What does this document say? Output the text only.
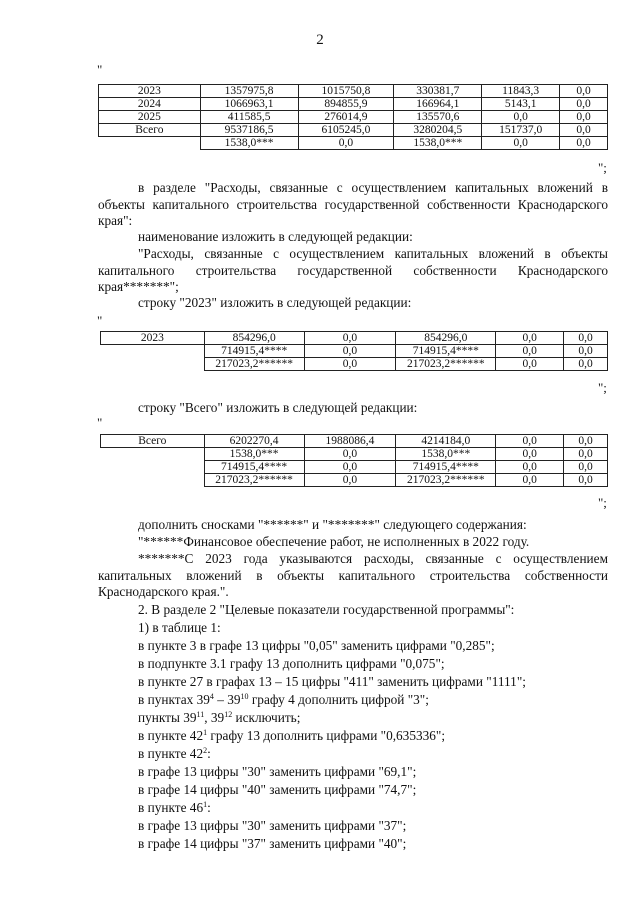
2
"
2023	1357975,8	1015750,8	330381,7	11843,3	0,0
2024	1066963,1	894855,9	166964,1	5143,1	0,0
2025	411585,5	276014,9	135570,6	0,0	0,0
Всего	9537186,5	6105245,0	3280204,5	151737,0	0,0
	1538,0***	0,0	1538,0***	0,0	0,0
";
в разделе "Расходы, связанные с осуществлением капитальных вложений в объекты капитального строительства государственной собственности Краснодарского края":
наименование изложить в следующей редакции:
"Расходы, связанные с осуществлением капитальных вложений в объекты капитального строительства государственной собственности Краснодарского края*******";
строку "2023" изложить в следующей редакции:
"
2023	854296,0	0,0	854296,0	0,0	0,0
	714915,4****	0,0	714915,4****	0,0	0,0
	217023,2******	0,0	217023,2******	0,0	0,0
";
строку "Всего" изложить в следующей редакции:
"
Всего	6202270,4	1988086,4	4214184,0	0,0	0,0
	1538,0***	0,0	1538,0***	0,0	0,0
	714915,4****	0,0	714915,4****	0,0	0,0
	217023,2******	0,0	217023,2******	0,0	0,0
";
дополнить сносками "******" и "*******" следующего содержания:
"******Финансовое обеспечение работ, не исполненных в 2022 году.
*******С 2023 года указываются расходы, связанные с осуществлением капитальных вложений в объекты капитального строительства собственности Краснодарского края.".
2. В разделе 2 "Целевые показатели государственной программы":
1) в таблице 1:
в пункте 3 в графе 13 цифры "0,05" заменить цифрами "0,285";
в подпункте 3.1 графу 13 дополнить цифрами "0,075";
в пункте 27 в графах 13 – 15 цифры "411" заменить цифрами "1111";
в пунктах $39^4 - 39^{10}$ графу 4 дополнить цифрой "3";
пункты $39^{11}$, $39^{12}$ исключить;
в пункте $42^1$ графу 13 дополнить цифрами "0,635336";
в пункте $42^2$:
в графе 13 цифры "30" заменить цифрами "69,1";
в графе 14 цифры "40" заменить цифрами "74,7";
в пункте $46^1$:
в графе 13 цифры "30" заменить цифрами "37";
в графе 14 цифры "37" заменить цифрами "40";
